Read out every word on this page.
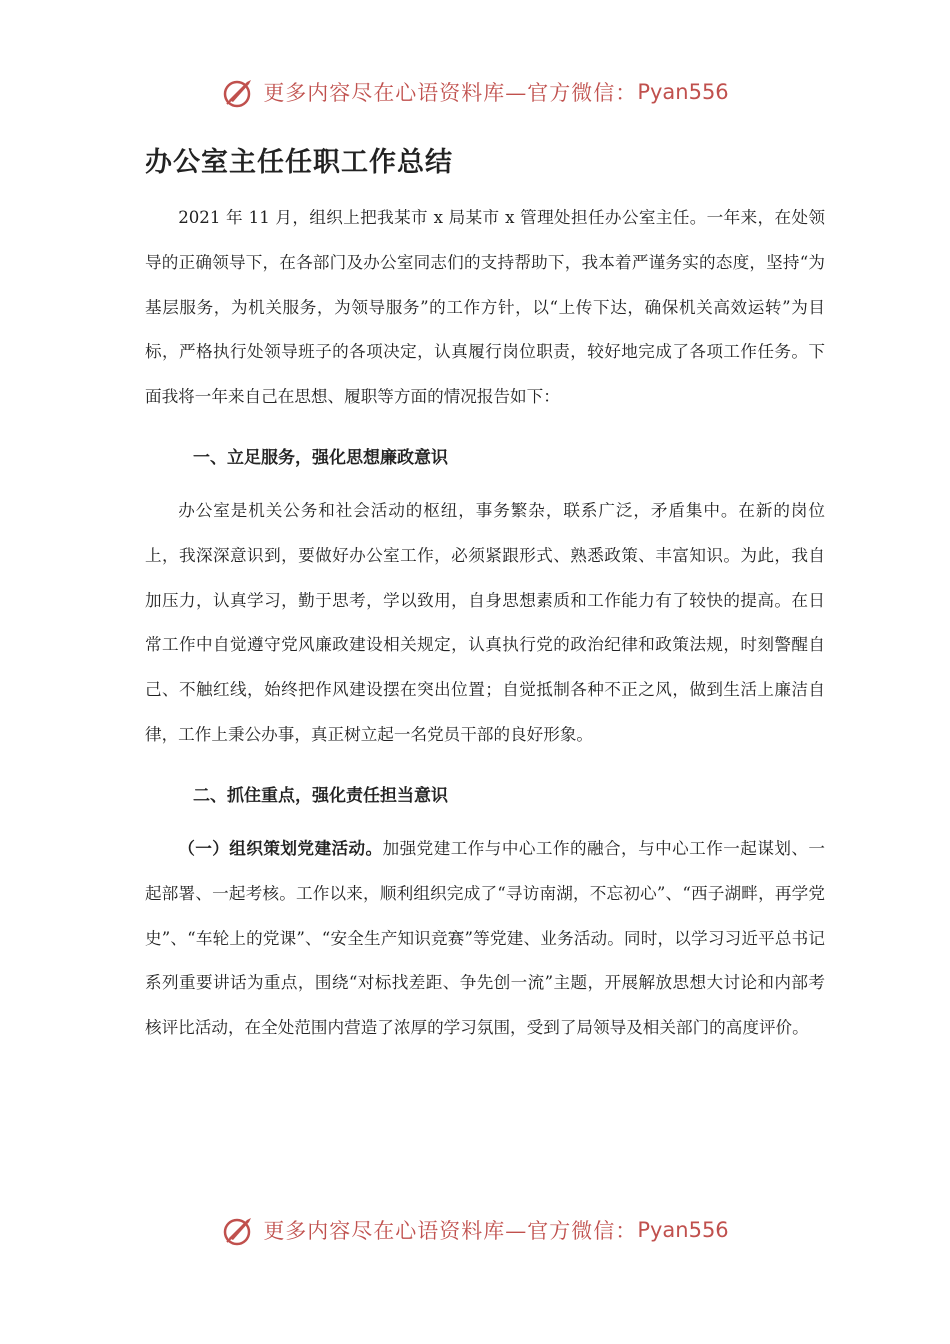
更多内容尽在心语资料库—官方微信： Pyan556
办公室主任任职工作总结

2021 年 11 月，组织上把我某市 x 局某市 x 管理处担任办公室主任。一年来，在处领导的正确领导下，在各部门及办公室同志们的支持帮助下，我本着严谨务实的态度，坚持“为基层服务，为机关服务，为领导服务”的工作方针，以“上传下达，确保机关高效运转”为目标，严格执行处领导班子的各项决定，认真履行岗位职责，较好地完成了各项工作任务。下面我将一年来自己在思想、履职等方面的情况报告如下：

一、立足服务，强化思想廉政意识

办公室是机关公务和社会活动的枢纽，事务繁杂，联系广泛，矛盾集中。在新的岗位上，我深深意识到，要做好办公室工作，必须紧跟形式、熟悉政策、丰富知识。为此，我自加压力，认真学习，勤于思考，学以致用，自身思想素质和工作能力有了较快的提高。在日常工作中自觉遵守党风廉政建设相关规定，认真执行党的政治纪律和政策法规，时刻警醒自己、不触红线，始终把作风建设摆在突出位置；自觉抵制各种不正之风，做到生活上廉洁自律，工作上秉公办事，真正树立起一名党员干部的良好形象。

二、抓住重点，强化责任担当意识

（一）组织策划党建活动。加强党建工作与中心工作的融合，与中心工作一起谋划、一起部署、一起考核。工作以来，顺利组织完成了“寻访南湖，不忘初心”、“西子湖畔，再学党史”、“车轮上的党课”、“安全生产知识竞赛”等党建、业务活动。同时，以学习习近平总书记系列重要讲话为重点，围绕“对标找差距、争先创一流”主题，开展解放思想大讨论和内部考核评比活动，在全处范围内营造了浓厚的学习氛围，受到了局领导及相关部门的高度评价。

更多内容尽在心语资料库—官方微信： Pyan556
